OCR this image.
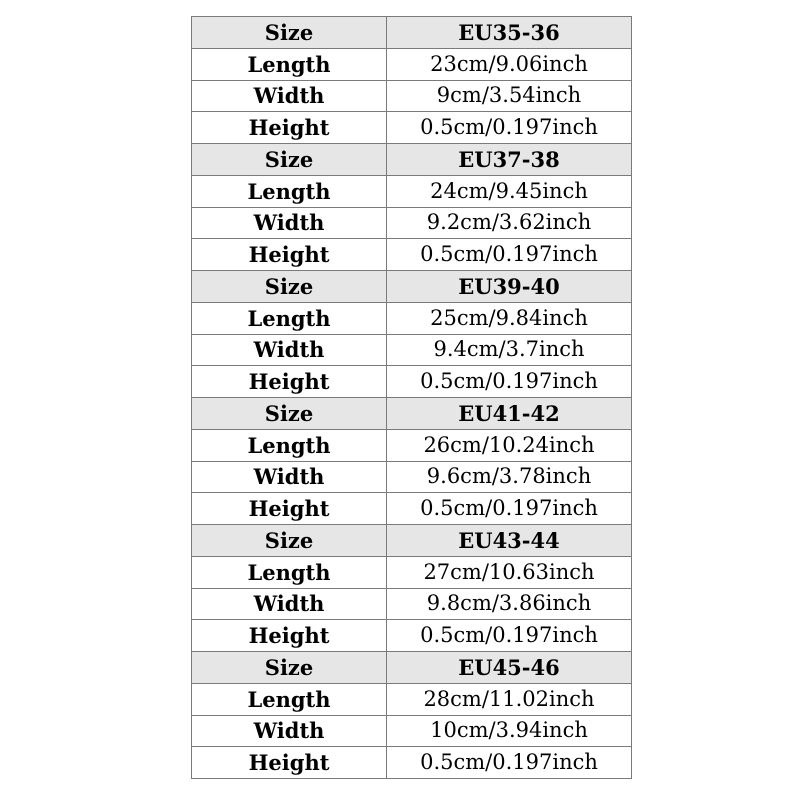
Size	EU35-36
Length	23cm/9.06inch
Width	9cm/3.54inch
Height	0.5cm/0.197inch
Size	EU37-38
Length	24cm/9.45inch
Width	9.2cm/3.62inch
Height	0.5cm/0.197inch
Size	EU39-40
Length	25cm/9.84inch
Width	9.4cm/3.7inch
Height	0.5cm/0.197inch
Size	EU41-42
Length	26cm/10.24inch
Width	9.6cm/3.78inch
Height	0.5cm/0.197inch
Size	EU43-44
Length	27cm/10.63inch
Width	9.8cm/3.86inch
Height	0.5cm/0.197inch
Size	EU45-46
Length	28cm/11.02inch
Width	10cm/3.94inch
Height	0.5cm/0.197inch
